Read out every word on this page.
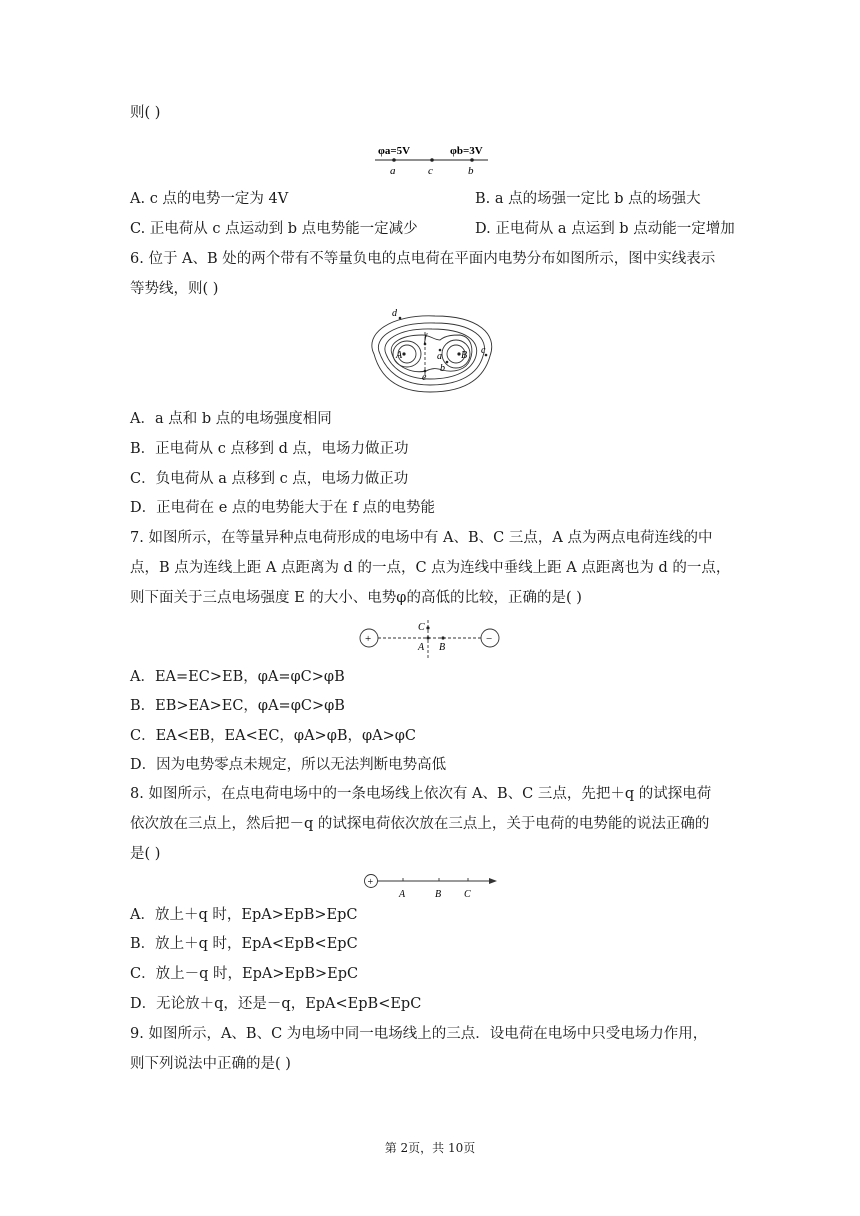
则( )
φa=5V	φb=3V
a	c	b
A. c 点的电势一定为 4V	B. a 点的场强一定比 b 点的场强大
C. 正电荷从 c 点运动到 b 点电势能一定减少	D. 正电荷从 a 点运到 b 点动能一定增加
6. 位于 A、B 处的两个带有不等量负电的点电荷在平面内电势分布如图所示，图中实线表示
等势线，则( )
d
f
A	a B
b
c
e
A．a 点和 b 点的电场强度相同
B．正电荷从 c 点移到 d 点，电场力做正功
C．负电荷从 a 点移到 c 点，电场力做正功
D．正电荷在 e 点的电势能大于在 f 点的电势能
7. 如图所示，在等量异种点电荷形成的电场中有 A、B、C 三点，A 点为两点电荷连线的中
点，B 点为连线上距 A 点距离为 d 的一点，C 点为连线中垂线上距 A 点距离也为 d 的一点，
则下面关于三点电场强度 E 的大小、电势φ的高低的比较，正确的是( )
+	−
C
A B
A．EA=EC>EB，φA=φC>φB
B．EB>EA>EC，φA=φC>φB
C．EA<EB，EA<EC，φA>φB，φA>φC
D．因为电势零点未规定，所以无法判断电势高低
8. 如图所示，在点电荷电场中的一条电场线上依次有 A、B、C 三点，先把＋q 的试探电荷
依次放在三点上，然后把－q 的试探电荷依次放在三点上，关于电荷的电势能的说法正确的
是( )
+
A	B C
A．放上＋q 时，EpA>EpB>EpC
B．放上＋q 时，EpA<EpB<EpC
C．放上－q 时，EpA>EpB>EpC
D．无论放＋q，还是－q，EpA<EpB<EpC
9. 如图所示，A、B、C 为电场中同一电场线上的三点．设电荷在电场中只受电场力作用，
则下列说法中正确的是( )
第 2页，共 10页
